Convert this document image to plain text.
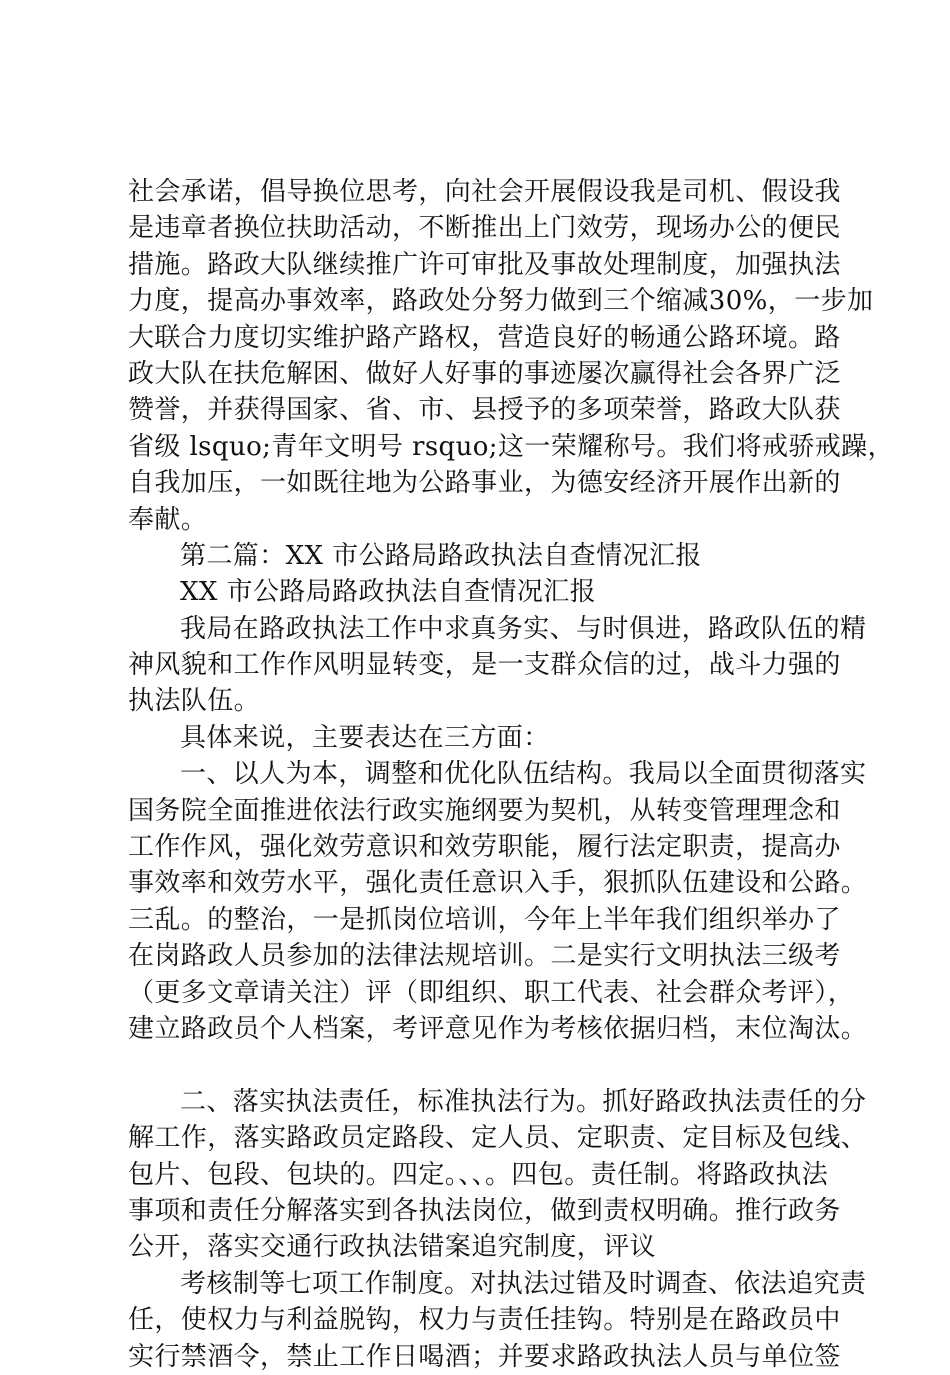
社会承诺，倡导换位思考，向社会开展假设我是司机、假设我
是违章者换位扶助活动，不断推出上门效劳，现场办公的便民
措施。路政大队继续推广许可审批及事故处理制度，加强执法
力度，提高办事效率，路政处分努力做到三个缩减30%，一步加
大联合力度切实维护路产路权，营造良好的畅通公路环境。路
政大队在扶危解困、做好人好事的事迹屡次赢得社会各界广泛
赞誉，并获得国家、省、市、县授予的多项荣誉，路政大队获
省级 lsquo;青年文明号 rsquo;这一荣耀称号。我们将戒骄戒躁，
自我加压，一如既往地为公路事业，为德安经济开展作出新的
奉献。
第二篇：XX 市公路局路政执法自查情况汇报
XX 市公路局路政执法自查情况汇报
我局在路政执法工作中求真务实、与时俱进，路政队伍的精
神风貌和工作作风明显转变，是一支群众信的过，战斗力强的
执法队伍。
具体来说，主要表达在三方面：
一、以人为本，调整和优化队伍结构。我局以全面贯彻落实
国务院全面推进依法行政实施纲要为契机，从转变管理理念和
工作作风，强化效劳意识和效劳职能，履行法定职责，提高办
事效率和效劳水平，强化责任意识入手，狠抓队伍建设和公路。
三乱。的整治，一是抓岗位培训，今年上半年我们组织举办了
在岗路政人员参加的法律法规培训。二是实行文明执法三级考
（更多文章请关注）评（即组织、职工代表、社会群众考评），
建立路政员个人档案，考评意见作为考核依据归档，末位淘汰。
二、落实执法责任，标准执法行为。抓好路政执法责任的分
解工作，落实路政员定路段、定人员、定职责、定目标及包线、
包片、包段、包块的。四定。、、。四包。责任制。将路政执法
事项和责任分解落实到各执法岗位，做到责权明确。推行政务
公开，落实交通行政执法错案追究制度，评议
考核制等七项工作制度。对执法过错及时调查、依法追究责
任，使权力与利益脱钩，权力与责任挂钩。特别是在路政员中
实行禁酒令，禁止工作日喝酒；并要求路政执法人员与单位签
